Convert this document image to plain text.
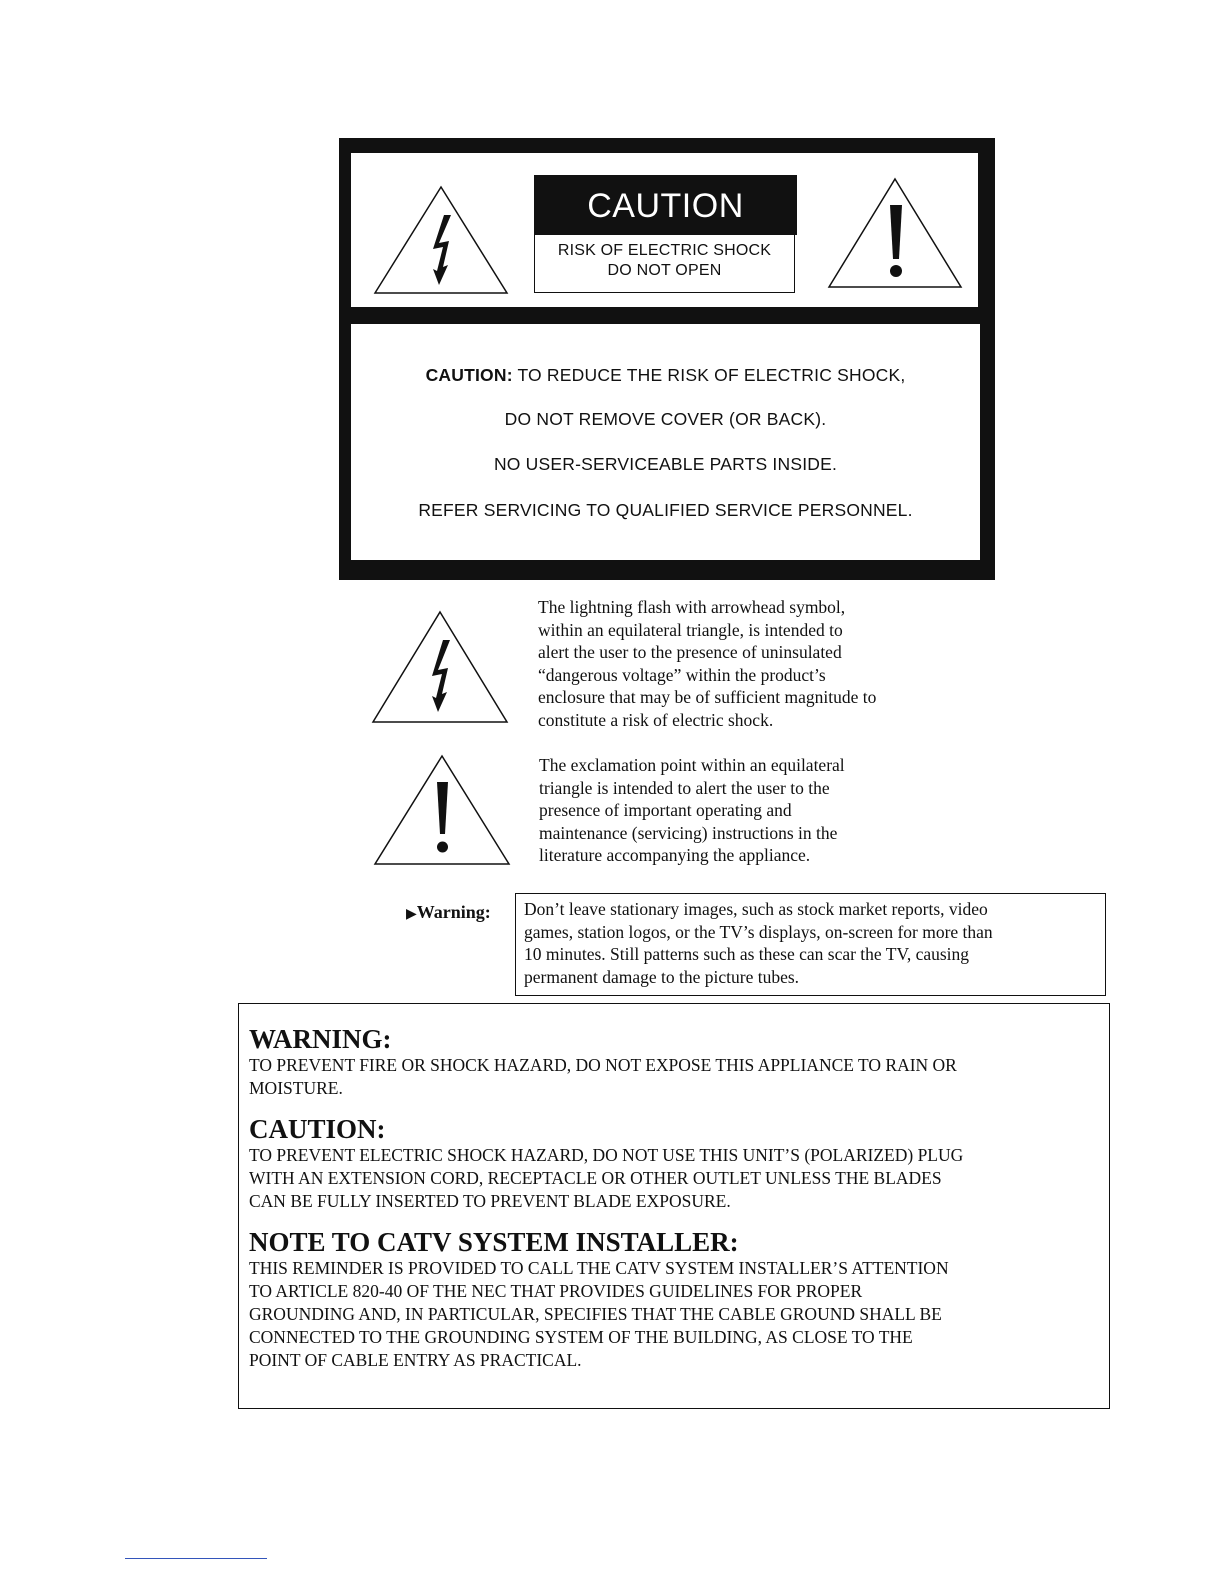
CAUTION
RISK OF ELECTRIC SHOCK
DO NOT OPEN
CAUTION: TO REDUCE THE RISK OF ELECTRIC SHOCK,
DO NOT REMOVE COVER (OR BACK).
NO USER-SERVICEABLE PARTS INSIDE.
REFER SERVICING TO QUALIFIED SERVICE PERSONNEL.
The lightning flash with arrowhead symbol,
within an equilateral triangle, is intended to
alert the user to the presence of uninsulated
“dangerous voltage” within the product’s
enclosure that may be of sufficient magnitude to
constitute a risk of electric shock.
The exclamation point within an equilateral
triangle is intended to alert the user to the
presence of important operating and
maintenance (servicing) instructions in the
literature accompanying the appliance.
▶Warning: Don’t leave stationary images, such as stock market reports, video
games, station logos, or the TV’s displays, on-screen for more than
10 minutes. Still patterns such as these can scar the TV, causing
permanent damage to the picture tubes.

WARNING:

TO PREVENT FIRE OR SHOCK HAZARD, DO NOT EXPOSE THIS APPLIANCE TO RAIN OR
MOISTURE.

CAUTION:

TO PREVENT ELECTRIC SHOCK HAZARD, DO NOT USE THIS UNIT’S (POLARIZED) PLUG
WITH AN EXTENSION CORD, RECEPTACLE OR OTHER OUTLET UNLESS THE BLADES
CAN BE FULLY INSERTED TO PREVENT BLADE EXPOSURE.

NOTE TO CATV SYSTEM INSTALLER:

THIS REMINDER IS PROVIDED TO CALL THE CATV SYSTEM INSTALLER’S ATTENTION
TO ARTICLE 820-40 OF THE NEC THAT PROVIDES GUIDELINES FOR PROPER
GROUNDING AND, IN PARTICULAR, SPECIFIES THAT THE CABLE GROUND SHALL BE
CONNECTED TO THE GROUNDING SYSTEM OF THE BUILDING, AS CLOSE TO THE
POINT OF CABLE ENTRY AS PRACTICAL.
